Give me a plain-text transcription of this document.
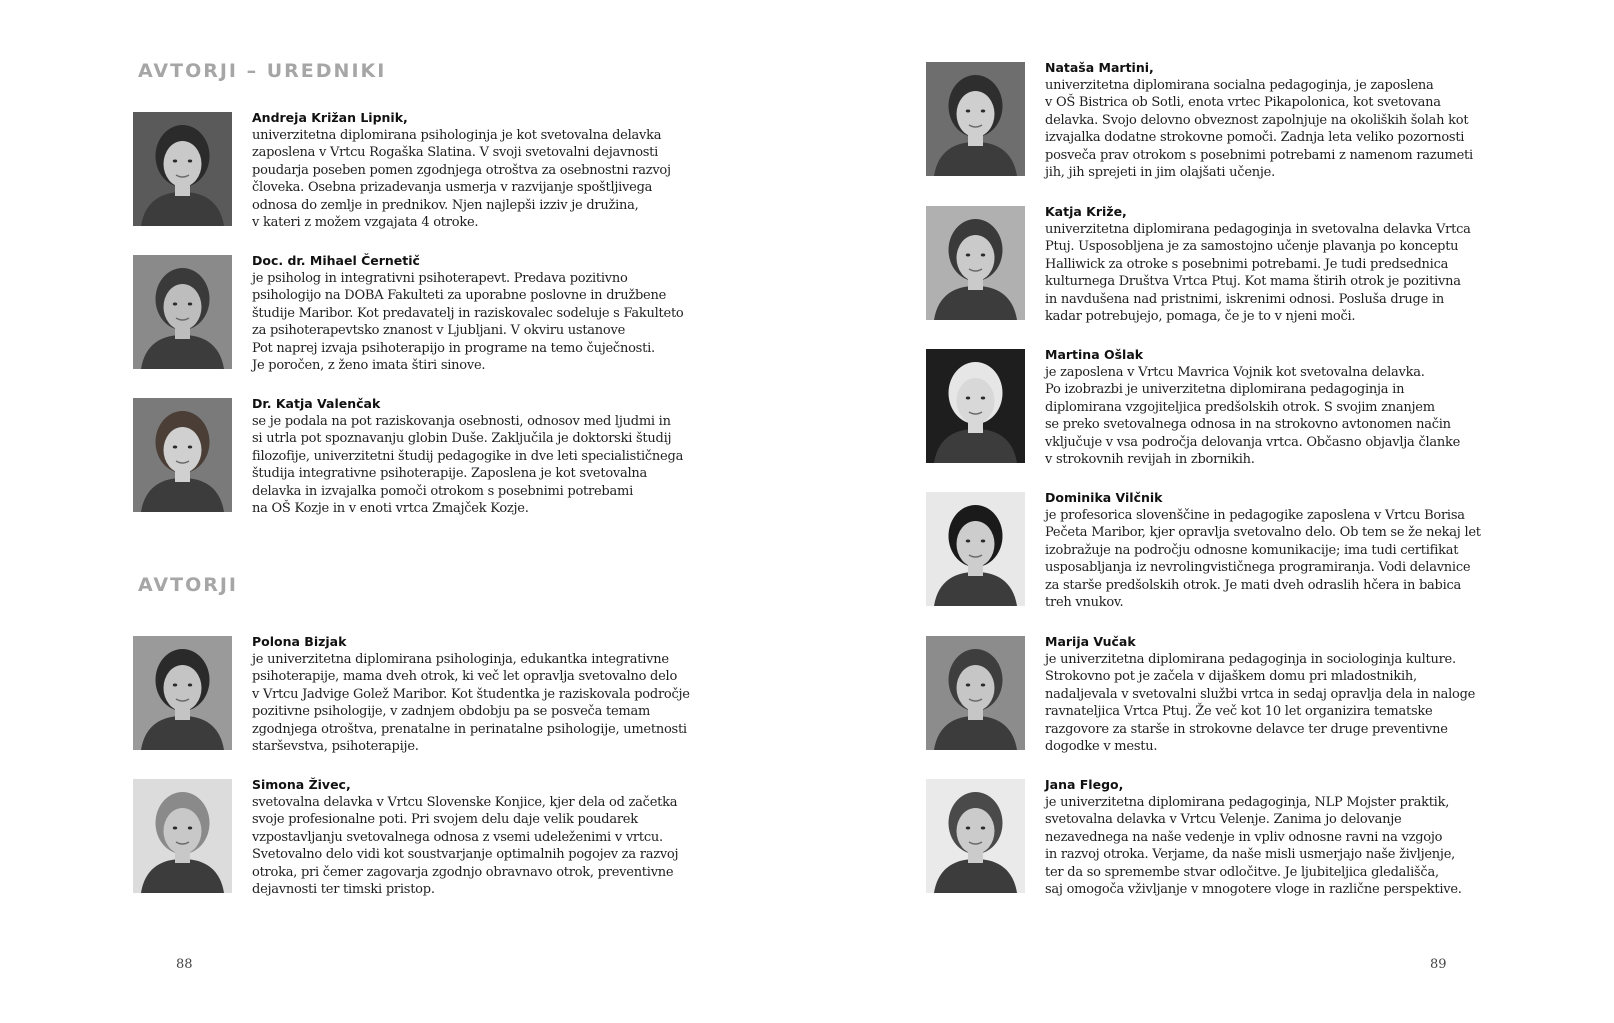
AVTORJI – UREDNIKI
Andreja Križan Lipnik,

univerzitetna diplomirana psihologinja je kot svetovalna delavka

zaposlena v Vrtcu Rogaška Slatina. V svoji svetovalni dejavnosti

poudarja poseben pomen zgodnjega otroštva za osebnostni razvoj

človeka. Osebna prizadevanja usmerja v razvijanje spoštljivega

odnosa do zemlje in prednikov. Njen najlepši izziv je družina,

v kateri z možem vzgajata 4 otroke.

Doc. dr. Mihael Černetič

je psiholog in integrativni psihoterapevt. Predava pozitivno

psihologijo na DOBA Fakulteti za uporabne poslovne in družbene

študije Maribor. Kot predavatelj in raziskovalec sodeluje s Fakulteto

za psihoterapevtsko znanost v Ljubljani. V okviru ustanove

Pot naprej izvaja psihoterapijo in programe na temo čuječnosti.

Je poročen, z ženo imata štiri sinove.

Dr. Katja Valenčak

se je podala na pot raziskovanja osebnosti, odnosov med ljudmi in

si utrla pot spoznavanju globin Duše. Zaključila je doktorski študij

filozofije, univerzitetni študij pedagogike in dve leti specialističnega

študija integrativne psihoterapije. Zaposlena je kot svetovalna

delavka in izvajalka pomoči otrokom s posebnimi potrebami

na OŠ Kozje in v enoti vrtca Zmajček Kozje.

AVTORJI
Polona Bizjak

je univerzitetna diplomirana psihologinja, edukantka integrativne

psihoterapije, mama dveh otrok, ki več let opravlja svetovalno delo

v Vrtcu Jadvige Golež Maribor. Kot študentka je raziskovala področje

pozitivne psihologije, v zadnjem obdobju pa se posveča temam

zgodnjega otroštva, prenatalne in perinatalne psihologije, umetnosti

starševstva, psihoterapije.

Simona Živec,

svetovalna delavka v Vrtcu Slovenske Konjice, kjer dela od začetka

svoje profesionalne poti. Pri svojem delu daje velik poudarek

vzpostavljanju svetovalnega odnosa z vsemi udeleženimi v vrtcu.

Svetovalno delo vidi kot soustvarjanje optimalnih pogojev za razvoj

otroka, pri čemer zagovarja zgodnjo obravnavo otrok, preventivne

dejavnosti ter timski pristop.

88
Nataša Martini,

univerzitetna diplomirana socialna pedagoginja, je zaposlena

v OŠ Bistrica ob Sotli, enota vrtec Pikapolonica, kot svetovana

delavka. Svojo delovno obveznost zapolnjuje na okoliških šolah kot

izvajalka dodatne strokovne pomoči. Zadnja leta veliko pozornosti

posveča prav otrokom s posebnimi potrebami z namenom razumeti

jih, jih sprejeti in jim olajšati učenje.

Katja Križe,

univerzitetna diplomirana pedagoginja in svetovalna delavka Vrtca

Ptuj. Usposobljena je za samostojno učenje plavanja po konceptu

Halliwick za otroke s posebnimi potrebami. Je tudi predsednica

kulturnega Društva Vrtca Ptuj. Kot mama štirih otrok je pozitivna

in navdušena nad pristnimi, iskrenimi odnosi. Posluša druge in

kadar potrebujejo, pomaga, če je to v njeni moči.

Martina Ošlak

je zaposlena v Vrtcu Mavrica Vojnik kot svetovalna delavka.

Po izobrazbi je univerzitetna diplomirana pedagoginja in

diplomirana vzgojiteljica predšolskih otrok. S svojim znanjem

se preko svetovalnega odnosa in na strokovno avtonomen način

vključuje v vsa področja delovanja vrtca. Občasno objavlja članke

v strokovnih revijah in zbornikih.

Dominika Vilčnik

je profesorica slovenščine in pedagogike zaposlena v Vrtcu Borisa

Pečeta Maribor, kjer opravlja svetovalno delo. Ob tem se že nekaj let

izobražuje na področju odnosne komunikacije; ima tudi certifikat

usposabljanja iz nevrolingvističnega programiranja. Vodi delavnice

za starše predšolskih otrok. Je mati dveh odraslih hčera in babica

treh vnukov.

Marija Vučak

je univerzitetna diplomirana pedagoginja in sociologinja kulture.

Strokovno pot je začela v dijaškem domu pri mladostnikih,

nadaljevala v svetovalni službi vrtca in sedaj opravlja dela in naloge

ravnateljica Vrtca Ptuj. Že več kot 10 let organizira tematske

razgovore za starše in strokovne delavce ter druge preventivne

dogodke v mestu.

Jana Flego,

je univerzitetna diplomirana pedagoginja, NLP Mojster praktik,

svetovalna delavka v Vrtcu Velenje. Zanima jo delovanje

nezavednega na naše vedenje in vpliv odnosne ravni na vzgojo

in razvoj otroka. Verjame, da naše misli usmerjajo naše življenje,

ter da so spremembe stvar odločitve. Je ljubiteljica gledališča,

saj omogoča vživljanje v mnogotere vloge in različne perspektive.

89
